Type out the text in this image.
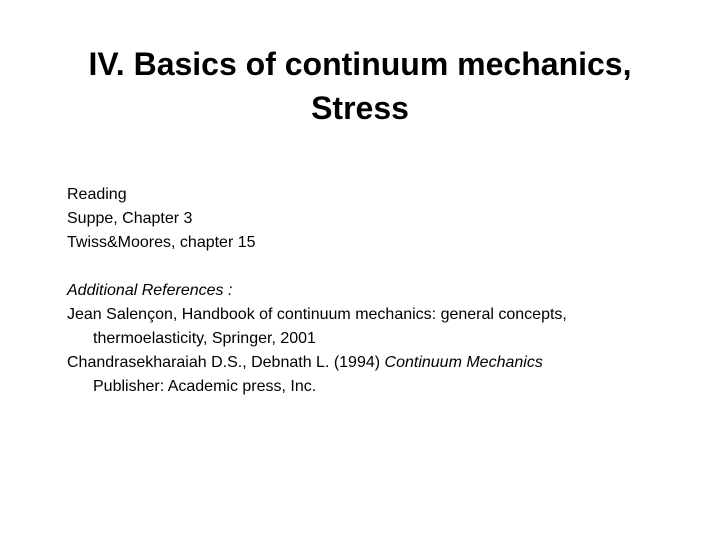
IV. Basics of continuum mechanics,
Stress
Reading
Suppe, Chapter 3
Twiss&Moores, chapter 15
Additional References :
Jean Salençon, Handbook of continuum mechanics: general concepts,
thermoelasticity, Springer, 2001
Chandrasekharaiah D.S., Debnath L. (1994) Continuum Mechanics
Publisher: Academic press, Inc.
